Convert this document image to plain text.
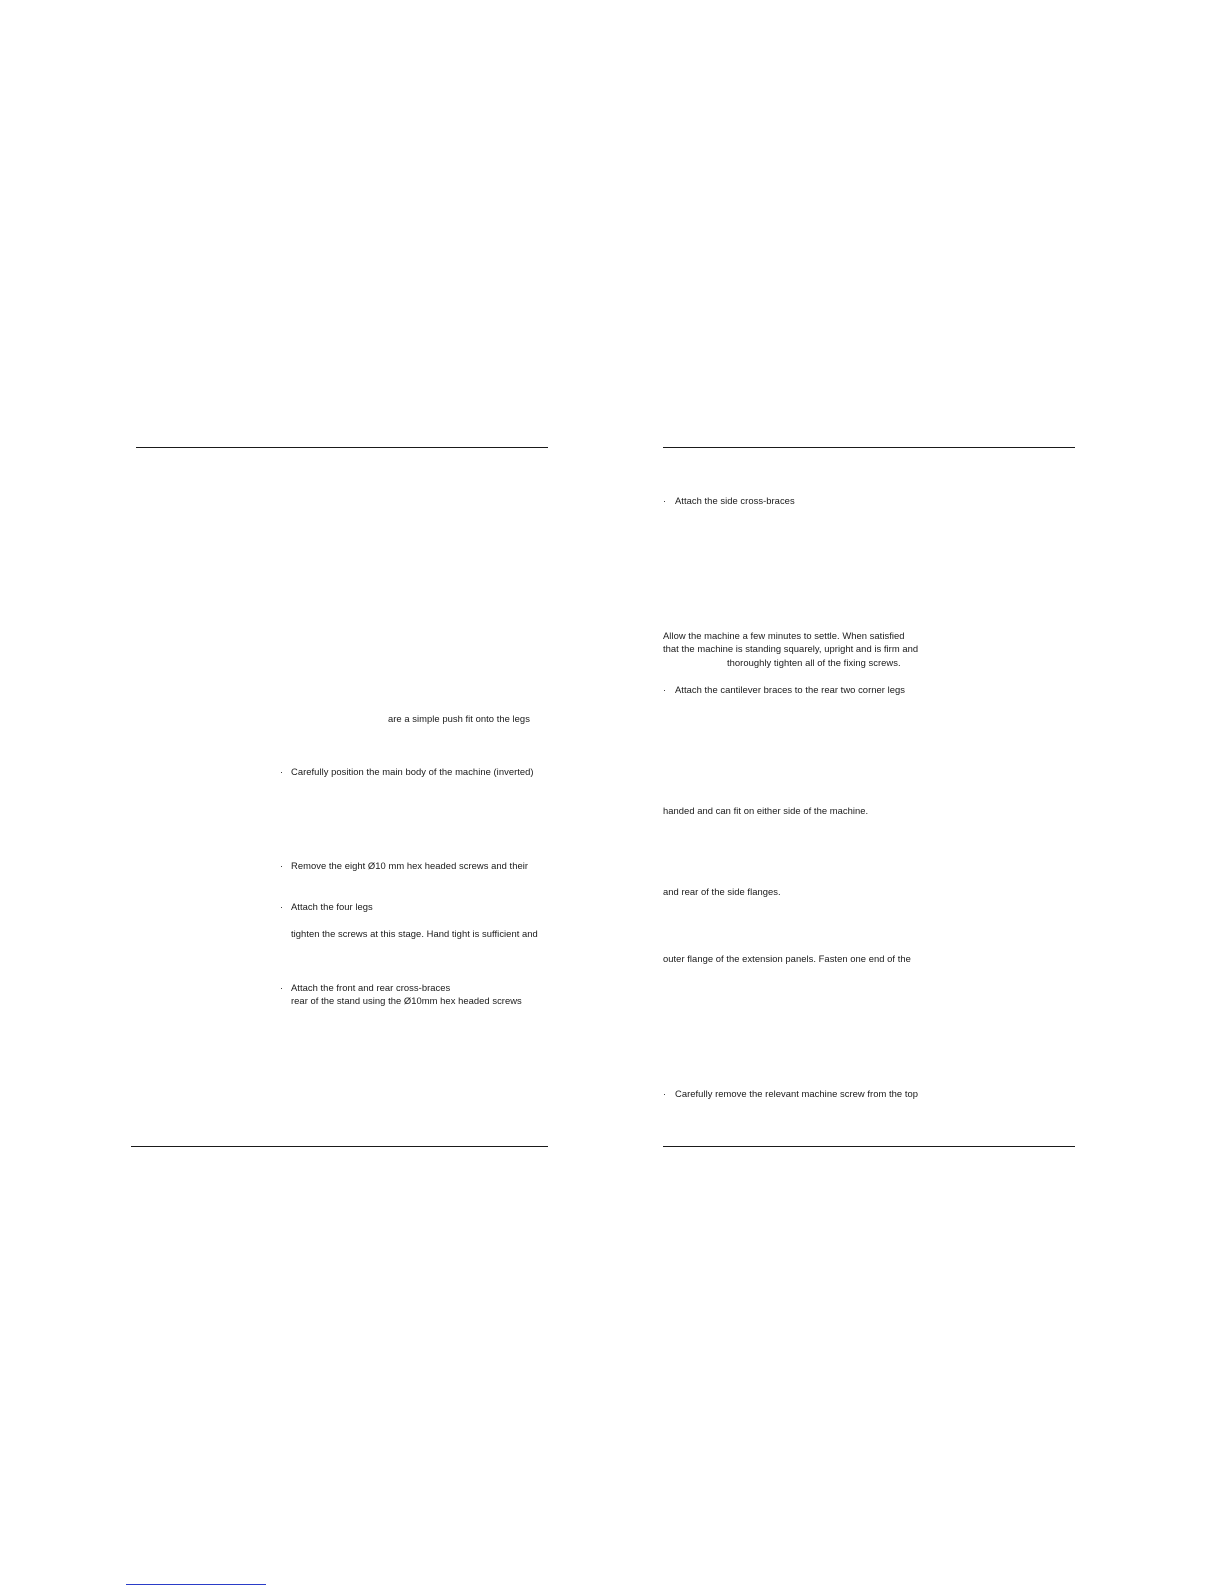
are a simple push fit onto the legs
· Carefully position the main body of the machine (inverted)
· Remove the eight Ø10 mm hex headed screws and their
· Attach the four legs
tighten the screws at this stage. Hand tight is sufficient and
· Attach the front and rear cross-braces
rear of the stand using the Ø10mm hex headed screws
· Attach the side cross-braces
Allow the machine a few minutes to settle. When satisfied
that the machine is standing squarely, upright and is firm and
thoroughly tighten all of the fixing screws.
· Attach the cantilever braces to the rear two corner legs
handed and can fit on either side of the machine.
and rear of the side flanges.
outer flange of the extension panels. Fasten one end of the
· Carefully remove the relevant machine screw from the top
